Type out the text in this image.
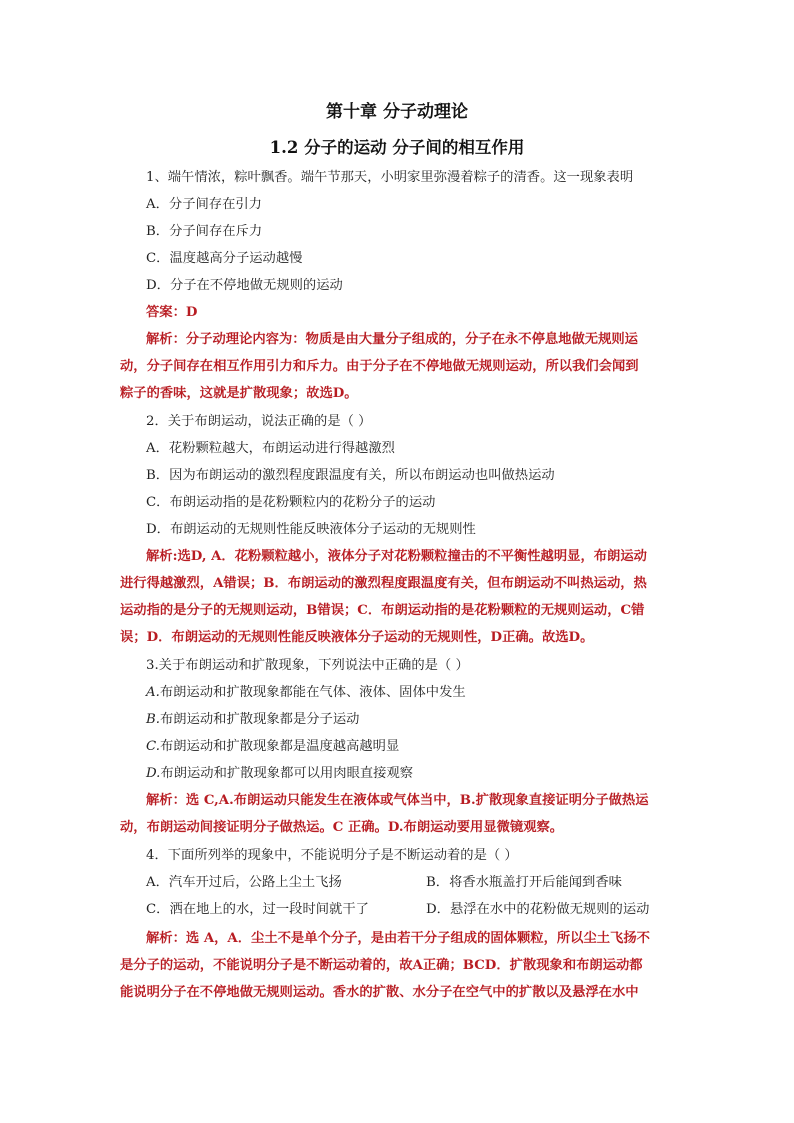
第十章 分子动理论
1.2 分子的运动 分子间的相互作用
1、端午情浓，粽叶飘香。端午节那天，小明家里弥漫着粽子的清香。这一现象表明
A．分子间存在引力
B．分子间存在斥力
C．温度越高分子运动越慢
D．分子在不停地做无规则的运动
答案：D
解析：分子动理论内容为：物质是由大量分子组成的，分子在永不停息地做无规则运
动，分子间存在相互作用引力和斥力。由于分子在不停地做无规则运动，所以我们会闻到
粽子的香味，这就是扩散现象；故选D。
2．关于布朗运动，说法正确的是（ ）
A．花粉颗粒越大，布朗运动进行得越激烈
B．因为布朗运动的激烈程度跟温度有关，所以布朗运动也叫做热运动
C．布朗运动指的是花粉颗粒内的花粉分子的运动
D．布朗运动的无规则性能反映液体分子运动的无规则性
解析:选D, A．花粉颗粒越小，液体分子对花粉颗粒撞击的不平衡性越明显，布朗运动
进行得越激烈，A错误；B．布朗运动的激烈程度跟温度有关，但布朗运动不叫热运动，热
运动指的是分子的无规则运动，B错误；C．布朗运动指的是花粉颗粒的无规则运动，C错
误；D．布朗运动的无规则性能反映液体分子运动的无规则性，D正确。故选D。
3.关于布朗运动和扩散现象，下列说法中正确的是（ ）
A.布朗运动和扩散现象都能在气体、液体、固体中发生
B.布朗运动和扩散现象都是分子运动
C.布朗运动和扩散现象都是温度越高越明显
D.布朗运动和扩散现象都可以用肉眼直接观察
解析：选 C,A.布朗运动只能发生在液体或气体当中，B.扩散现象直接证明分子做热运
动，布朗运动间接证明分子做热运。C 正确。D.布朗运动要用显微镜观察。
4．下面所列举的现象中，不能说明分子是不断运动着的是（ ）
A．汽车开过后，公路上尘土飞扬	B．将香水瓶盖打开后能闻到香味
C．洒在地上的水，过一段时间就干了	D．悬浮在水中的花粉做无规则的运动
解析：选 A，A．尘土不是单个分子，是由若干分子组成的固体颗粒，所以尘土飞扬不
是分子的运动，不能说明分子是不断运动着的，故A正确；BCD．扩散现象和布朗运动都
能说明分子在不停地做无规则运动。香水的扩散、水分子在空气中的扩散以及悬浮在水中
